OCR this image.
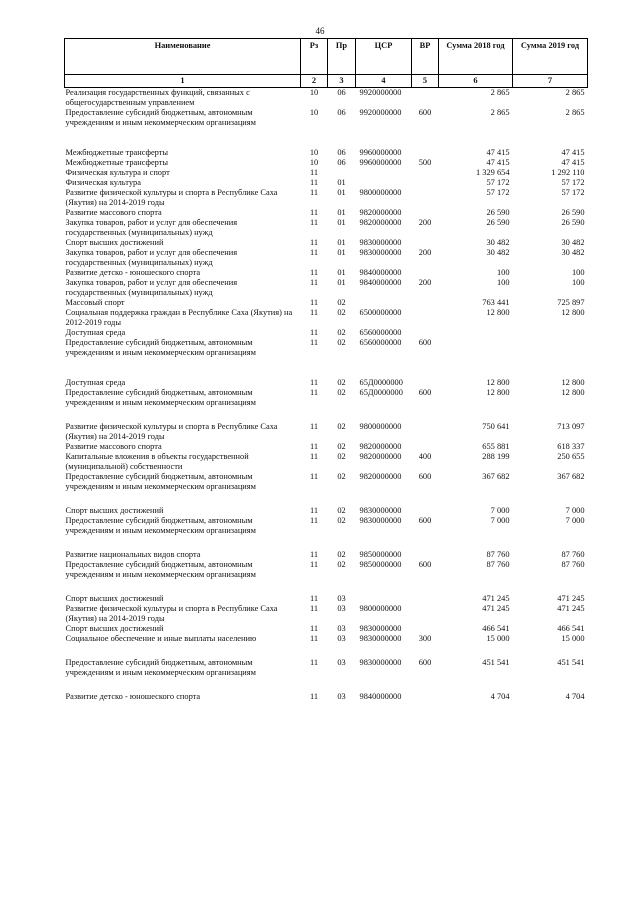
46
Наименование	Рз	Пр	ЦСР	ВР	Сумма 2018 год	Сумма 2019 год
1	2	3	4	5	6	7
Реализация государственных функций, связанных с общегосударственным управлением	10	06	9920000000		2 865	2 865
Предоставление субсидий бюджетным, автономным учреждениям и иным некоммерческим организациям	10	06	9920000000	600	2 865	2 865

Межбюджетные трансферты	10	06	9960000000		47 415	47 415
Межбюджетные трансферты	10	06	9960000000	500	47 415	47 415
Физическая культура и спорт	11				1 329 654	1 292 110
Физическая культура	11	01			57 172	57 172
Развитие физической культуры и спорта в Республике Саха (Якутия) на 2014-2019 годы	11	01	9800000000		57 172	57 172
Развитие массового спорта	11	01	9820000000		26 590	26 590
Закупка товаров, работ и услуг для обеспечения государственных (муниципальных) нужд	11	01	9820000000	200	26 590	26 590
Спорт высших достижений	11	01	9830000000		30 482	30 482
Закупка товаров, работ и услуг для обеспечения государственных (муниципальных) нужд	11	01	9830000000	200	30 482	30 482
Развитие детско - юношеского спорта	11	01	9840000000		100	100
Закупка товаров, работ и услуг для обеспечения государственных (муниципальных) нужд	11	01	9840000000	200	100	100
Массовый спорт	11	02			763 441	725 897
Социальная поддержка граждан в Республике Саха (Якутия) на 2012-2019 годы	11	02	6500000000		12 800	12 800
Доступная среда	11	02	6560000000			
Предоставление субсидий бюджетным, автономным учреждениям и иным некоммерческим организациям	11	02	6560000000	600		

Доступная среда	11	02	65Д0000000		12 800	12 800
Предоставление субсидий бюджетным, автономным учреждениям и иным некоммерческим организациям	11	02	65Д0000000	600	12 800	12 800

Развитие физической культуры и спорта в Республике Саха (Якутия) на 2014-2019 годы	11	02	9800000000		750 641	713 097
Развитие массового спорта	11	02	9820000000		655 881	618 337
Капитальные вложения в объекты государственной (муниципальной) собственности	11	02	9820000000	400	288 199	250 655
Предоставление субсидий бюджетным, автономным учреждениям и иным некоммерческим организациям	11	02	9820000000	600	367 682	367 682

Спорт высших достижений	11	02	9830000000		7 000	7 000
Предоставление субсидий бюджетным, автономным учреждениям и иным некоммерческим организациям	11	02	9830000000	600	7 000	7 000

Развитие национальных видов спорта	11	02	9850000000		87 760	87 760
Предоставление субсидий бюджетным, автономным учреждениям и иным некоммерческим организациям	11	02	9850000000	600	87 760	87 760

Спорт высших достижений	11	03			471 245	471 245
Развитие физической культуры и спорта в Республике Саха (Якутия) на 2014-2019 годы	11	03	9800000000		471 245	471 245
Спорт высших достижений	11	03	9830000000		466 541	466 541
Социальное обеспечение и иные выплаты населению	11	03	9830000000	300	15 000	15 000

Предоставление субсидий бюджетным, автономным учреждениям и иным некоммерческим организациям	11	03	9830000000	600	451 541	451 541

Развитие детско - юношеского спорта	11	03	9840000000		4 704	4 704
